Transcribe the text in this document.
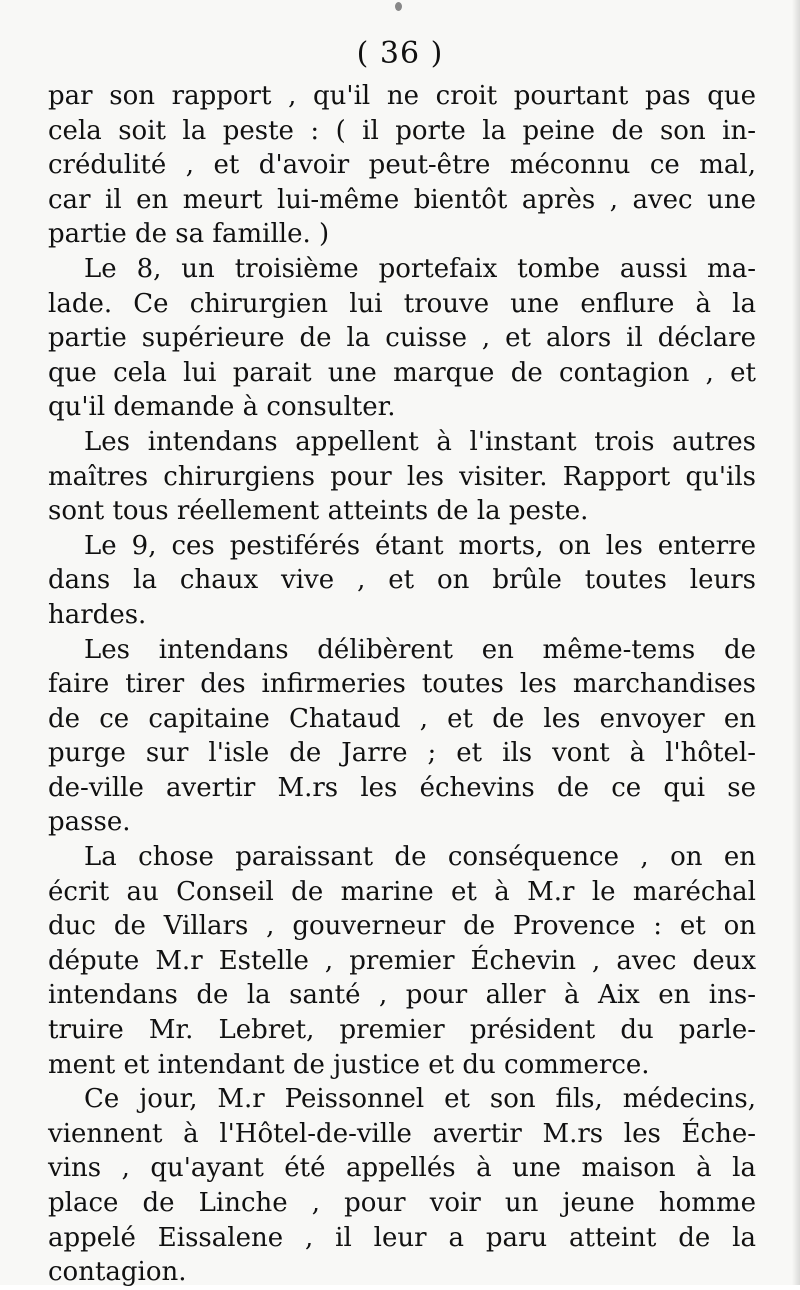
( 36 )
par son rapport , qu'il ne croit pourtant pas que
cela soit la peste : ( il porte la peine de son in-
crédulité , et d'avoir peut-être méconnu ce mal,
car il en meurt lui-même bientôt après , avec une
partie de sa famille. )
Le 8, un troisième portefaix tombe aussi ma-
lade. Ce chirurgien lui trouve une enflure à la
partie supérieure de la cuisse , et alors il déclare
que cela lui parait une marque de contagion , et
qu'il demande à consulter.
Les intendans appellent à l'instant trois autres
maîtres chirurgiens pour les visiter. Rapport qu'ils
sont tous réellement atteints de la peste.
Le 9, ces pestiférés étant morts, on les enterre
dans la chaux vive , et on brûle toutes leurs
hardes.
Les intendans délibèrent en même-tems de
faire tirer des infirmeries toutes les marchandises
de ce capitaine Chataud , et de les envoyer en
purge sur l'isle de Jarre ; et ils vont à l'hôtel-
de-ville avertir M.rs les échevins de ce qui se
passe.
La chose paraissant de conséquence , on en
écrit au Conseil de marine et à M.r le maréchal
duc de Villars , gouverneur de Provence : et on
députe M.r Estelle , premier Échevin , avec deux
intendans de la santé , pour aller à Aix en ins-
truire Mr. Lebret, premier président du parle-
ment et intendant de justice et du commerce.
Ce jour, M.r Peissonnel et son fils, médecins,
viennent à l'Hôtel-de-ville avertir M.rs les Éche-
vins , qu'ayant été appellés à une maison à la
place de Linche , pour voir un jeune homme
appelé Eissalene , il leur a paru atteint de la
contagion.
